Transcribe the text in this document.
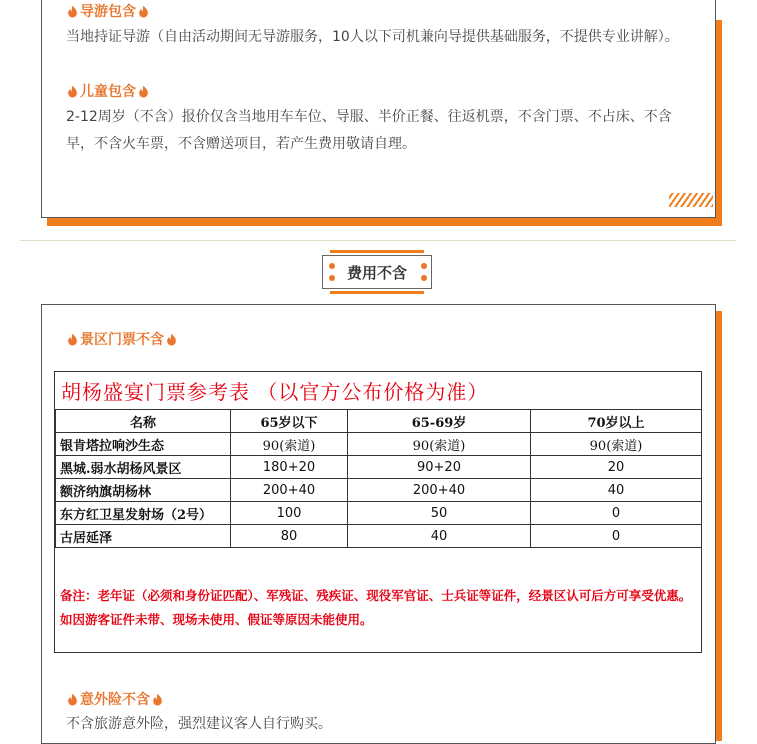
导游包含

当地持证导游（自由活动期间无导游服务，10人以下司机兼向导提供基础服务，不提供专业讲解）。

儿童包含

2-12周岁（不含）报价仅含当地用车车位、导服、半价正餐、往返机票，不含门票、不占床、不含早，不含火车票，不含赠送项目，若产生费用敬请自理。

费用不含
景区门票不含
意外险不含

不含旅游意外险，强烈建议客人自行购买。

胡杨盛宴门票参考表 （以官方公布价格为准）
名称	65岁以下	65-69岁	70岁以上
银肯塔拉响沙生态	90(索道)	90(索道)	90(索道)
黑城.弱水胡杨风景区	180+20	90+20	20
额济纳旗胡杨林	200+40	200+40	40
东方红卫星发射场（2号）	100	50	0
古居延泽	80	40	0

备注：老年证（必须和身份证匹配）、军残证、残疾证、现役军官证、士兵证等证件，经景区认可后方可享受优惠。如因游客证件未带、现场未使用、假证等原因未能使用。
